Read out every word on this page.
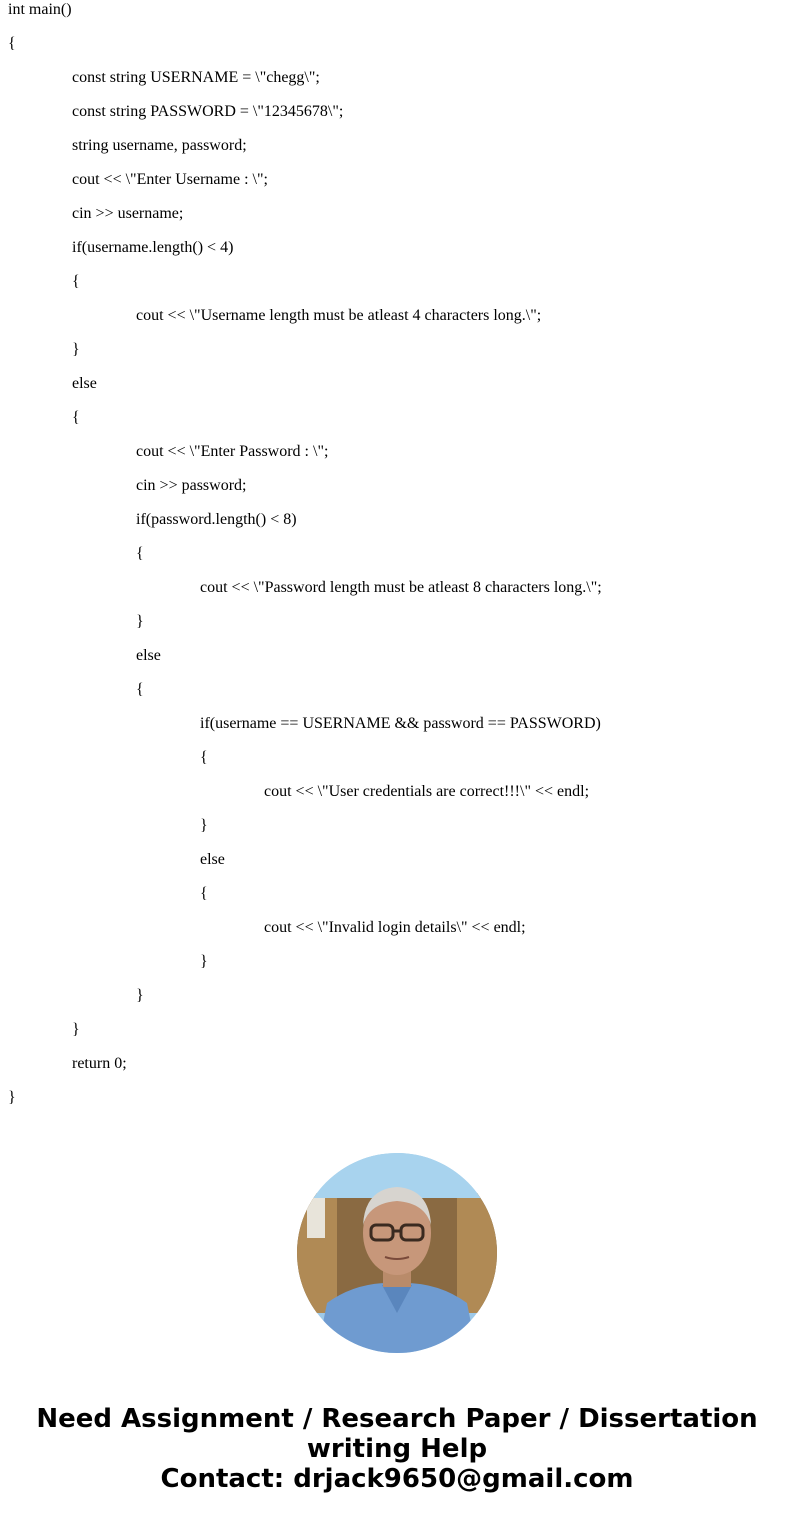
int main()
{
const string USERNAME = \"chegg\";
const string PASSWORD = \"12345678\";
string username, password;
cout << \"Enter Username : \";
cin >> username;
if(username.length() < 4)
{
cout << \"Username length must be atleast 4 characters long.\";
}
else
{
cout << \"Enter Password : \";
cin >> password;
if(password.length() < 8)
{
cout << \"Password length must be atleast 8 characters long.\";
}
else
{
if(username == USERNAME && password == PASSWORD)
{
cout << \"User credentials are correct!!!\" << endl;
}
else
{
cout << \"Invalid login details\" << endl;
}
}
}
return 0;
}
Need Assignment / Research Paper / Dissertation
writing Help
Contact: drjack9650@gmail.com
